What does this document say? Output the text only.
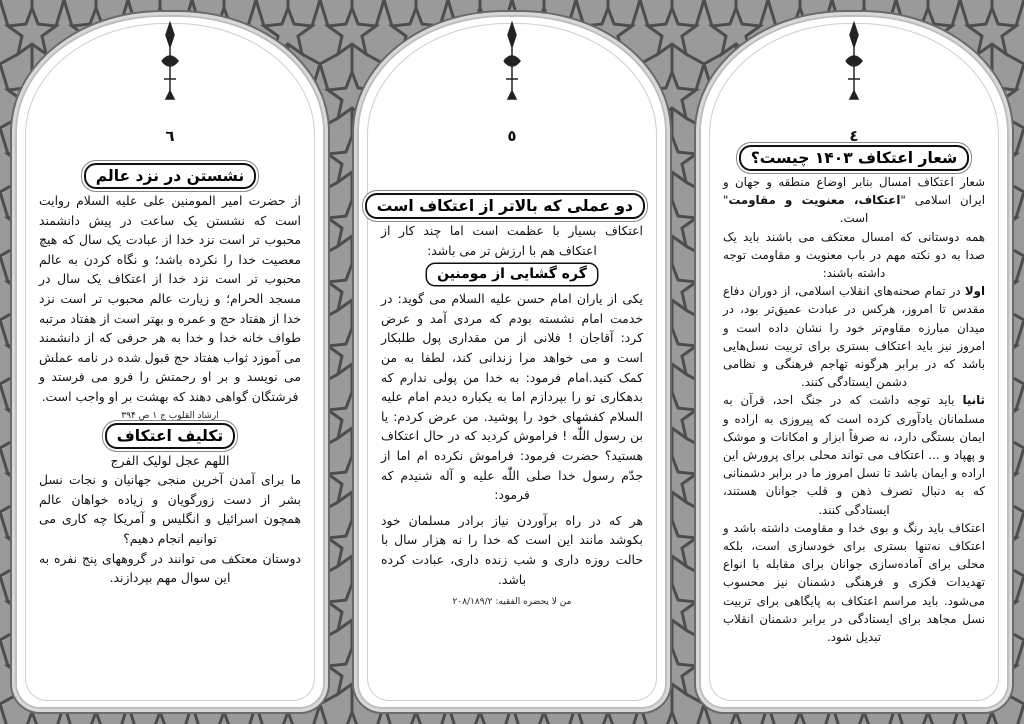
٦
نشستن در نزد عالم

از حضرت امیر المومنین علی علیه السلام روایت است که نشستن یک ساعت در پیش دانشمند محبوب تر است نزد خدا از عبادت یک سال که هیچ معصیت خدا را نکرده باشد؛ و نگاه کردن به عالم محبوب تر است نزد خدا از اعتکاف یک سال در مسجد الحرام؛ و زیارت عالم محبوب تر است نزد خدا از هفتاد حج و عمره و بهتر است از هفتاد مرتبه طواف خانه خدا و خدا به هر حرفی که از دانشمند می آموزد ثواب هفتاد حج قبول شده در نامه عملش می نویسد و بر او رحمتش را فرو می فرستد و فرشتگان گواهی دهند که بهشت بر او واجب است.

ارشاد القلوب ج ۱ ص ۳۹۴
تکلیف اعتکاف

اللهم عجل لولیک الفرج

ما برای آمدن آخرین منجی جهانیان و نجات نسل بشر از دست زورگویان و زیاده خواهان عالم همچون اسرائیل و انگلیس و آمریکا چه کاری می توانیم انجام دهیم؟

دوستان معتکف می توانند در گروههای پنج نفره به این سوال مهم بپردازند.

٥
دو عملی که بالاتر از اعتکاف است

اعتکاف بسیار با عظمت است اما چند کار از اعتکاف هم با ارزش تر می باشد:

گره گشایی از مومنین

یکی از یاران امام حسن علیه السلام می گوید: در خدمت امام نشسته بودم که مردی آمد و عرض کرد: آقاجان ! فلانی از من مقداری پول طلبکار است و می خواهد مرا زندانی کند، لطفا به من کمک کنید.امام فرمود: به خدا من پولی ندارم که بدهکاری تو را بپردازم اما به یکباره دیدم امام علیه السلام کفشهای خود را پوشید. من عرض کردم: یا بن رسول اللّٰه ! فراموش کردید که در حال اعتکاف هستید؟ حضرت فرمود: فراموش نکرده ام اما از جدّم رسول خدا صلی اللّٰه علیه و آله شنیدم که فرمود:

هر که در راه برآوردن نیاز برادر مسلمان خود بکوشد مانند این است که خدا را نه هزار سال با حالت روزه داری و شب زنده داری، عبادت کرده باشد.

من لا یحضره الفقیه: ۲۰۸/۱۸۹/۲
٤
شعار اعتکاف ۱۴۰۳ چیست؟

شعار اعتکاف امسال بنابر اوضاع منطقه و جهان و ایران اسلامی "اعتکاف، معنویت و مقاومت" است.

همه دوستانی که امسال معتکف می باشند باید یک صدا به دو نکته مهم در باب معنویت و مقاومت توجه داشته باشند:

اولا در تمام صحنه‌های انقلاب اسلامی، از دوران دفاع مقدس تا امروز، هرکس در عبادت عمیق‌تر بود، در میدان مبارزه مقاوم‌تر خود را نشان داده است و امروز نیز باید اعتکاف بستری برای تربیت نسل‌هایی باشد که در برابر هرگونه تهاجم فرهنگی و نظامی دشمن ایستادگی کنند.

ثانیا باید توجه داشت که در جنگ احد، قرآن به مسلمانان یادآوری کرده است که پیروزی به اراده و ایمان بستگی دارد، نه صرفاً ابزار و امکانات و موشک و پهپاد و ... اعتکاف می تواند محلی برای پرورش این اراده و ایمان باشد تا نسل امروز ما در برابر دشمنانی که به دنبال تصرف ذهن و قلب جوانان هستند، ایستادگی کنند.

اعتکاف باید رنگ و بوی خدا و مقاومت داشته باشد و اعتکاف نه‌تنها بستری برای خودسازی است، بلکه محلی برای آماده‌سازی جوانان برای مقابله با انواع تهدیدات فکری و فرهنگی دشمنان نیز محسوب می‌شود. باید مراسم اعتکاف به پایگاهی برای تربیت نسل مجاهد برای ایستادگی در برابر دشمنان انقلاب تبدیل شود.
